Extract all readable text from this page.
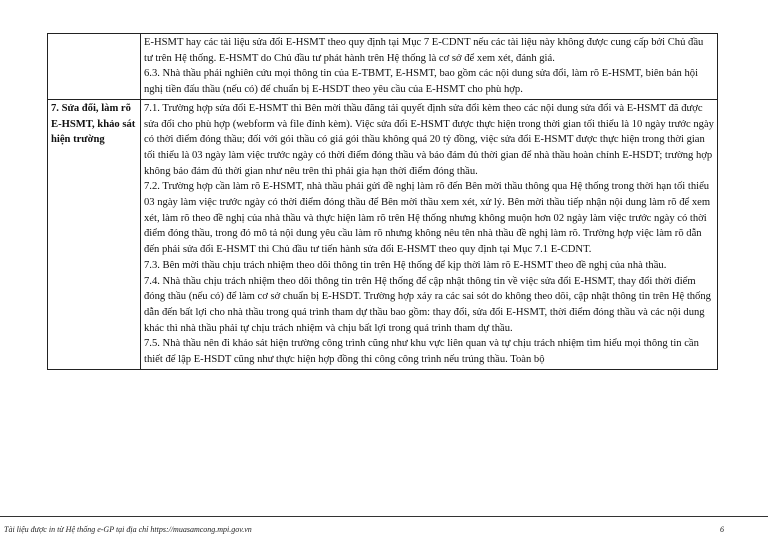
	E-HSMT hay các tài liệu sửa đổi E-HSMT theo quy định tại Mục 7 E-CDNT nếu các tài liệu này không được cung cấp bởi Chủ đầu tư trên Hệ thống. E-HSMT do Chủ đầu tư phát hành trên Hệ thống là cơ sở để xem xét, đánh giá.

6.3. Nhà thầu phải nghiên cứu mọi thông tin của E-TBMT, E-HSMT, bao gồm các nội dung sửa đổi, làm rõ E-HSMT, biên bản hội nghị tiền đấu thầu (nếu có) để chuẩn bị E-HSDT theo yêu cầu của E-HSMT cho phù hợp.

7. Sửa đổi, làm rõ E-HSMT, khảo sát hiện trường	7.1. Trường hợp sửa đổi E-HSMT thì Bên mời thầu đăng tải quyết định sửa đổi kèm theo các nội dung sửa đổi và E-HSMT đã được sửa đổi cho phù hợp (webform và file đính kèm). Việc sửa đổi E-HSMT được thực hiện trong thời gian tối thiểu là 10 ngày trước ngày có thời điểm đóng thầu; đối với gói thầu có giá gói thầu không quá 20 tỷ đồng, việc sửa đổi E-HSMT được thực hiện trong thời gian tối thiểu là 03 ngày làm việc trước ngày có thời điểm đóng thầu và bảo đảm đủ thời gian để nhà thầu hoàn chỉnh E-HSDT; trường hợp không bảo đảm đủ thời gian như nêu trên thì phải gia hạn thời điểm đóng thầu.

7.2. Trường hợp cần làm rõ E-HSMT, nhà thầu phải gửi đề nghị làm rõ đến Bên mời thầu thông qua Hệ thống trong thời hạn tối thiểu 03 ngày làm việc trước ngày có thời điểm đóng thầu để Bên mời thầu xem xét, xử lý. Bên mời thầu tiếp nhận nội dung làm rõ để xem xét, làm rõ theo đề nghị của nhà thầu và thực hiện làm rõ trên Hệ thống nhưng không muộn hơn 02 ngày làm việc trước ngày có thời điểm đóng thầu, trong đó mô tả nội dung yêu cầu làm rõ nhưng không nêu tên nhà thầu đề nghị làm rõ. Trường hợp việc làm rõ dẫn đến phải sửa đổi E-HSMT thì Chủ đầu tư tiến hành sửa đổi E-HSMT theo quy định tại Mục 7.1 E-CDNT.

7.3. Bên mời thầu chịu trách nhiệm theo dõi thông tin trên Hệ thống để kịp thời làm rõ E-HSMT theo đề nghị của nhà thầu.

7.4. Nhà thầu chịu trách nhiệm theo dõi thông tin trên Hệ thống để cập nhật thông tin về việc sửa đổi E-HSMT, thay đổi thời điểm đóng thầu (nếu có) để làm cơ sở chuẩn bị E-HSDT. Trường hợp xảy ra các sai sót do không theo dõi, cập nhật thông tin trên Hệ thống dẫn đến bất lợi cho nhà thầu trong quá trình tham dự thầu bao gồm: thay đổi, sửa đổi E-HSMT, thời điểm đóng thầu và các nội dung khác thì nhà thầu phải tự chịu trách nhiệm và chịu bất lợi trong quá trình tham dự thầu.

7.5. Nhà thầu nên đi khảo sát hiện trường công trình cũng như khu vực liên quan và tự chịu trách nhiệm tìm hiểu mọi thông tin cần thiết để lập E-HSDT cũng như thực hiện hợp đồng thi công công trình nếu trúng thầu. Toàn bộ

Tài liệu được in từ Hệ thống e-GP tại địa chỉ https://muasamcong.mpi.gov.vn	6
